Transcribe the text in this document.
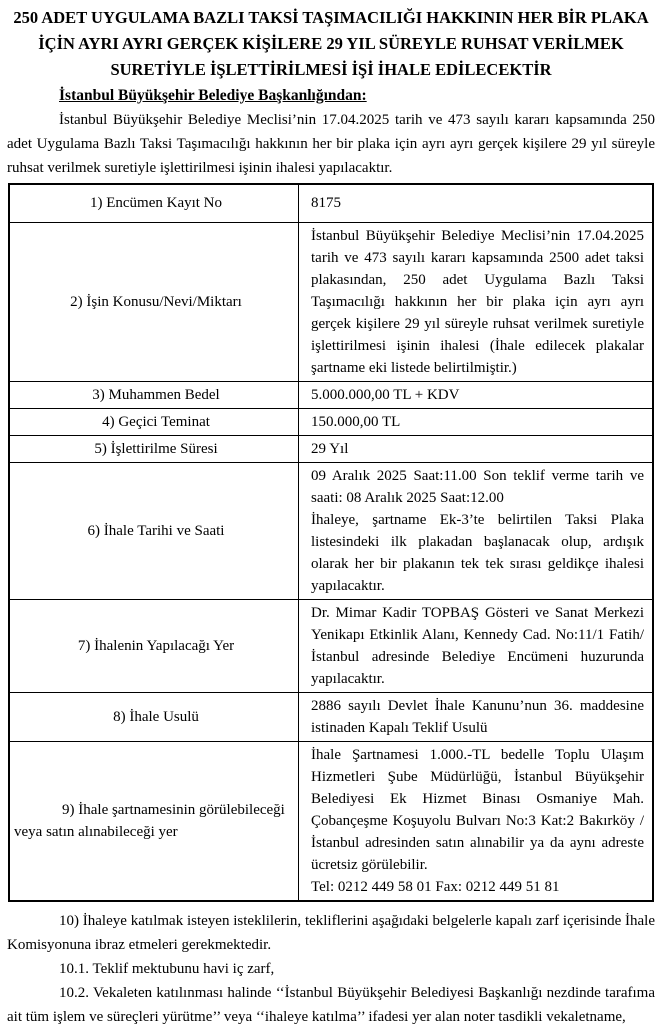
250 ADET UYGULAMA BAZLI TAKSİ TAŞIMACILIĞI HAKKININ HER BİR PLAKA
İÇİN AYRI AYRI GERÇEK KİŞİLERE 29 YIL SÜREYLE RUHSAT VERİLMEK
SURETİYLE İŞLETTİRİLMESİ İŞİ İHALE EDİLECEKTİR
İstanbul Büyükşehir Belediye Başkanlığından:

İstanbul Büyükşehir Belediye Meclisi’nin 17.04.2025 tarih ve 473 sayılı kararı kapsamında 250 adet Uygulama Bazlı Taksi Taşımacılığı hakkının her bir plaka için ayrı ayrı gerçek kişilere 29 yıl süreyle ruhsat verilmek suretiyle işlettirilmesi işinin ihalesi yapılacaktır.

1) Encümen Kayıt No	8175
2) İşin Konusu/Nevi/Miktarı	İstanbul Büyükşehir Belediye Meclisi’nin 17.04.2025 tarih ve 473 sayılı kararı kapsamında 2500 adet taksi plakasından, 250 adet Uygulama Bazlı Taksi Taşımacılığı hakkının her bir plaka için ayrı ayrı gerçek kişilere 29 yıl süreyle ruhsat verilmek suretiyle işlettirilmesi işinin ihalesi (İhale edilecek plakalar şartname eki listede belirtilmiştir.)
3) Muhammen Bedel	5.000.000,00 TL + KDV
4) Geçici Teminat	150.000,00 TL
5) İşlettirilme Süresi	29 Yıl
6) İhale Tarihi ve Saati	09 Aralık 2025 Saat:11.00 Son teklif verme tarih ve saati: 08 Aralık 2025 Saat:12.00

İhaleye, şartname Ek-3’te belirtilen Taksi Plaka listesindeki ilk plakadan başlanacak olup, ardışık olarak her bir plakanın tek tek sırası geldikçe ihalesi yapılacaktır.

7) İhalenin Yapılacağı Yer	Dr. Mimar Kadir TOPBAŞ Gösteri ve Sanat Merkezi Yenikapı Etkinlik Alanı, Kennedy Cad. No:11/1 Fatih/İstanbul adresinde Belediye Encümeni huzurunda yapılacaktır.
8) İhale Usulü	2886 sayılı Devlet İhale Kanunu’nun 36. maddesine istinaden Kapalı Teklif Usulü
9) İhale şartnamesinin görülebileceği veya satın alınabileceği yer	İhale Şartnamesi 1.000.-TL bedelle Toplu Ulaşım Hizmetleri Şube Müdürlüğü, İstanbul Büyükşehir Belediyesi Ek Hizmet Binası Osmaniye Mah. Çobançeşme Koşuyolu Bulvarı No:3 Kat:2 Bakırköy / İstanbul adresinden satın alınabilir ya da aynı adreste ücretsiz görülebilir.

Tel: 0212 449 58 01 Fax: 0212 449 51 81

10) İhaleye katılmak isteyen isteklilerin, tekliflerini aşağıdaki belgelerle kapalı zarf içerisinde İhale Komisyonuna ibraz etmeleri gerekmektedir.

10.1. Teklif mektubunu havi iç zarf,

10.2. Vekaleten katılınması halinde ‘‘İstanbul Büyükşehir Belediyesi Başkanlığı nezdinde tarafıma ait tüm işlem ve süreçleri yürütme’’ veya ‘‘ihaleye katılma’’ ifadesi yer alan noter tasdikli vekaletname,
